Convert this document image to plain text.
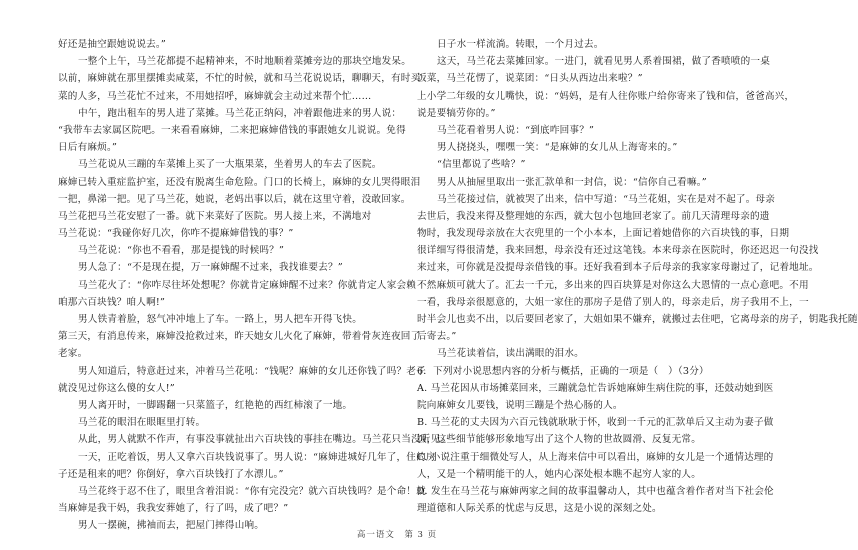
好还是抽空跟她说说去。”
一整个上午，马兰花都提不起精神来，不时地顺着菜摊旁边的那块空地发呆。
以前，麻婶就在那里摆摊卖咸菜，不忙的时候，就和马兰花说说话，聊聊天，有时买
菜的人多，马兰花忙不过来，不用她招呼，麻婶就会主动过来帮个忙……
中午，跑出租车的男人进了菜摊。马兰花正纳闷，冲着跟他进来的男人说：
“我带车去家属区院吧。一来看看麻婶，二来把麻婶借钱的事跟她女儿说说。免得
日后有麻烦。”
马兰花说从三蹦的车菜摊上买了一大瓶果菜，坐着男人的车去了医院。
麻婶已转入重症监护室，还没有脱离生命危险。门口的长椅上，麻婶的女儿哭得眼泪
一把，鼻涕一把。见了马兰花，她说，老妈出事以后，就在这里守着，没敢回家。
马兰花把马兰花安慰了一番。就下来菜好了医院。男人接上来，不满地对
马兰花说：“我碰你好几次，你咋不提麻婶借钱的事？”
马兰花说：“你也不看看，那是提钱的时候吗？”
男人急了：“不是现在提，万一麻婶醒不过来，我找谁要去？”
马兰花火了：“你咋尽往坏处想呢？你就肯定麻婶醒不过来？你就肯定人家会赖
咱那六百块钱？咱人啊!”
男人铁青着脸，怒气冲冲地上了车。一路上，男人把车开得飞快。
第三天，有消息传来，麻婶没抢救过来，昨天她女儿火化了麻婶，带着骨灰连夜回了
老家。
男人知道后，特意赶过来，冲着马兰花吼：“钱呢？麻婶的女儿还你钱了吗？老子
就没见过你这么傻的女人!”
男人离开时，一脚踢翻一只菜篮子，红艳艳的西红柿滚了一地。
马兰花的眼泪在眼眶里打转。
从此，男人就默不作声，有事没事就扯出六百块钱的事挂在嘴边。马兰花只当没听见。
一天，正吃着饭，男人又拿六百块钱说事了。男人说：“麻婶进城好几年了，住的房
子还是租来的吧？你倒好，拿六百块钱打了水漂儿。”
马兰花终于忍不住了，眼里含着泪说：“你有完没完？就六百块钱吗？是个命！就
当麻婶是我干妈，我我安葬她了，行了吗，成了吧？”
男人一摆碗，拂袖而去，把屋门摔得山响。
日子水一样流淌。转眼，一个月过去。
这天，马兰花去菜摊回家。一进门，就看见男人系着围裙，做了香喷喷的一桌
饭菜，马兰花愣了，说菜团：“日头从西边出来啦？”
上小学二年级的女儿嘴快，说：“妈妈，是有人往你账户给你寄来了钱和信，爸爸高兴，
说是要犒劳你的。”
马兰花看着男人说：“到底咋回事？”
男人挠挠头，嘿嘿一笑：“是麻婶的女儿从上海寄来的。”
“信里都说了些啥？”
男人从抽屉里取出一张汇款单和一封信，说：“信你自己看嘛。”
马兰花接过信，就被哭了出来，信中写道：“马兰花姐，实在是对不起了。母亲
去世后，我没来得及整理她的东西，就大包小包地回老家了。前几天清理母亲的遗
物时，我发现母亲放在大衣兜里的一个小本本，上面记着她借你的六百块钱的事，日期
很详细写得很清楚，我来回想，母亲没有还过这笔钱。本来母亲在医院时，你还迟迟一句没找
来过来，可你就是没提母亲借钱的事。还好我看到本子后母亲的我家家母谢过了，记着地址。
不然麻烦可就大了。汇去一千元，多出来的四百块算是对你这么大恩情的一点心意吧。不用
一看，我母亲很愿意的，大姐一家住的那房子是借了别人的，母亲走后，房子我用不上，一
时半会儿也卖不出，以后要回老家了，大姐如果不嫌弃，就搬过去住吧，它离母亲的房子，钥匙我托随
后寄去。”
马兰花读着信，读出满眼的泪水。
6．下列对小说思想内容的分析与概括，正确的一项是（　）（3分）
A. 马兰花因从市场摊菜回来，三蹦就急忙告诉她麻婶生病住院的事，还鼓动她到医
院向麻婶女儿要钱，说明三蹦是个热心肠的人。
B. 马兰花的丈夫因为六百元钱就耿耿于怀，收到一千元的汇款单后又主动为妻子做
饭，这些细节能够形象地写出了这个人物的世故圆滑、反复无常。
C. 小说注重于细微处写人，从上海来信中可以看出，麻婶的女儿是一个通情达理的
人，又是一个精明能干的人，她内心深处根本瞧不起穷人家的人。
D. 发生在马兰花与麻婶两家之间的故事温馨动人，其中也蕴含着作者对当下社会伦
理道德和人际关系的忧虑与反思，这是小说的深刻之处。
高一语文　第 3 页
